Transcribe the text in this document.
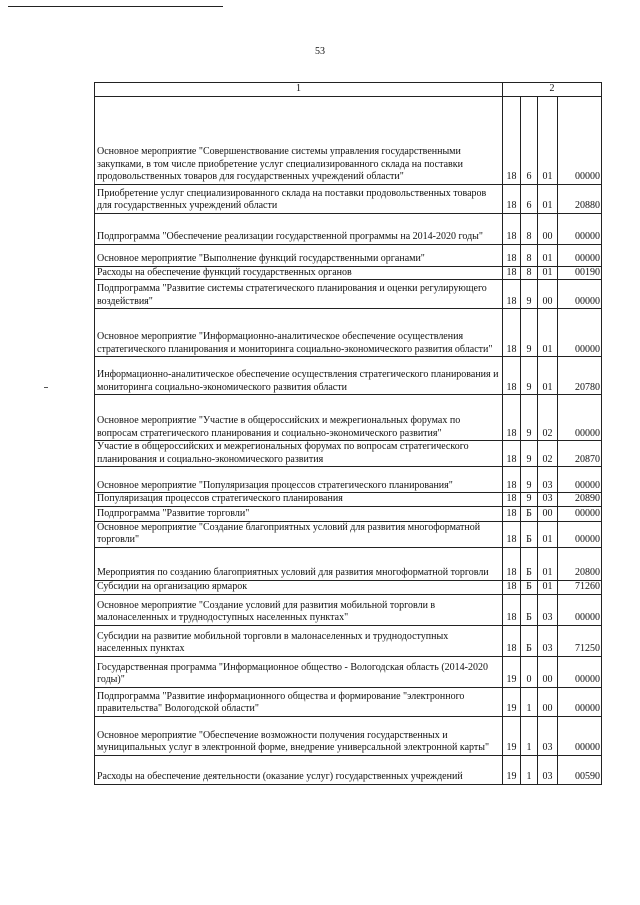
53
1	2			
Основное мероприятие "Совершенствование системы управления государственными закупками, в том числе приобретение услуг специализированного склада на поставки продовольственных товаров для государственных учреждений области"	18	6	01	00000
Приобретение услуг специализированного склада на поставки продовольственных товаров для государственных учреждений области	18	6	01	20880
Подпрограмма "Обеспечение реализации государственной программы на 2014-2020 годы"	18	8	00	00000
Основное мероприятие "Выполнение функций государственными органами"	18	8	01	00000
Расходы на обеспечение функций государственных органов	18	8	01	00190
Подпрограмма "Развитие системы стратегического планирования и оценки регулирующего воздействия"	18	9	00	00000
Основное мероприятие "Информационно-аналитическое обеспечение осуществления стратегического планирования и мониторинга социально-экономического развития области"	18	9	01	00000
Информационно-аналитическое обеспечение осуществления стратегического планирования и мониторинга социально-экономического развития области	18	9	01	20780
Основное мероприятие "Участие в общероссийских и межрегиональных форумах по вопросам стратегического планирования и социально-экономического развития"	18	9	02	00000
Участие в общероссийских и межрегиональных форумах по вопросам стратегического планирования и социально-экономического развития	18	9	02	20870
Основное мероприятие "Популяризация процессов стратегического планирования"	18	9	03	00000
Популяризация процессов стратегического планирования	18	9	03	20890
Подпрограмма "Развитие торговли"	18	Б	00	00000
Основное мероприятие "Создание благоприятных условий для развития многоформатной торговли"	18	Б	01	00000
Мероприятия по созданию благоприятных условий для развития многоформатной торговли	18	Б	01	20800
Субсидии на организацию ярмарок	18	Б	01	71260
Основное мероприятие "Создание условий для развития мобильной торговли в малонаселенных и труднодоступных населенных пунктах"	18	Б	03	00000
Субсидии на развитие мобильной торговли в малонаселенных и труднодоступных населенных пунктах	18	Б	03	71250
Государственная программа "Информационное общество - Вологодская область (2014-2020 годы)"	19	0	00	00000
Подпрограмма "Развитие информационного общества и формирование "электронного правительства" Вологодской области"	19	1	00	00000
Основное мероприятие "Обеспечение возможности получения государственных и муниципальных услуг в электронной форме, внедрение универсальной электронной карты"	19	1	03	00000
Расходы на обеспечение деятельности (оказание услуг) государственных учреждений	19	1	03	00590
